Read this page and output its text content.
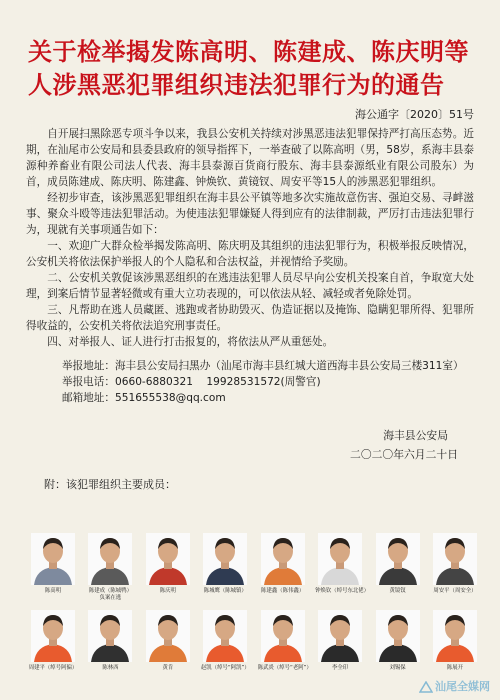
关于检举揭发陈高明、陈建成、陈庆明等人涉黑恶犯罪组织违法犯罪行为的通告
海公通字〔2020〕51号

自开展扫黑除恶专项斗争以来，我县公安机关持续对涉黑恶违法犯罪保持严打高压态势。近期，在汕尾市公安局和县委县政府的领导指挥下，一举查破了以陈高明（男，58岁，系海丰县泰源种养畜业有限公司法人代表、海丰县泰源百货商行股东、海丰县泰源纸业有限公司股东）为首，成员陈建成、陈庆明、陈建鑫、钟焕钦、黄镜钗、周安平等15人的涉黑恶犯罪组织。

经初步审查，该涉黑恶犯罪组织在海丰县公平镇等地多次实施故意伤害、强迫交易、寻衅滋事、聚众斗殴等违法犯罪活动。为使违法犯罪嫌疑人得到应有的法律制裁，严厉打击违法犯罪行为，现就有关事项通告如下：

一、欢迎广大群众检举揭发陈高明、陈庆明及其组织的违法犯罪行为，积极举报反映情况，公安机关将依法保护举报人的个人隐私和合法权益，并视情给予奖励。

二、公安机关敦促该涉黑恶组织的在逃违法犯罪人员尽早向公安机关投案自首，争取宽大处理，到案后情节显著轻微或有重大立功表现的，可以依法从轻、减轻或者免除处罚。

三、凡帮助在逃人员藏匿、逃跑或者协助毁灭、伪造证据以及掩饰、隐瞒犯罪所得、犯罪所得收益的，公安机关将依法追究刑事责任。

四、对举报人、证人进行打击报复的，将依法从严从重惩处。

举报地址：海丰县公安局扫黑办（汕尾市海丰县红城大道西海丰县公安局三楼311室）
举报电话：0660-6880321    19928531572(周警官)
邮箱地址：551655538@qq.com
海丰县公安局
二〇二〇年六月二十日
附：该犯罪组织主要成员：
陈高明	陈建成（陈城鸭）
负案在逃
陈庆明	陈城鹰（陈城镇）	陈建鑫（陈伟鑫）	钟焕钦（绰号东北佬）	黄镜钗	周安平（周安全）
周建平（绰号阿偏）	陈林西	黄肯	赵凯（绰号“阿凯”） 陈武炎（绰号“老阿”）	李全印	刘锡保	陈展开
汕尾全媒网
